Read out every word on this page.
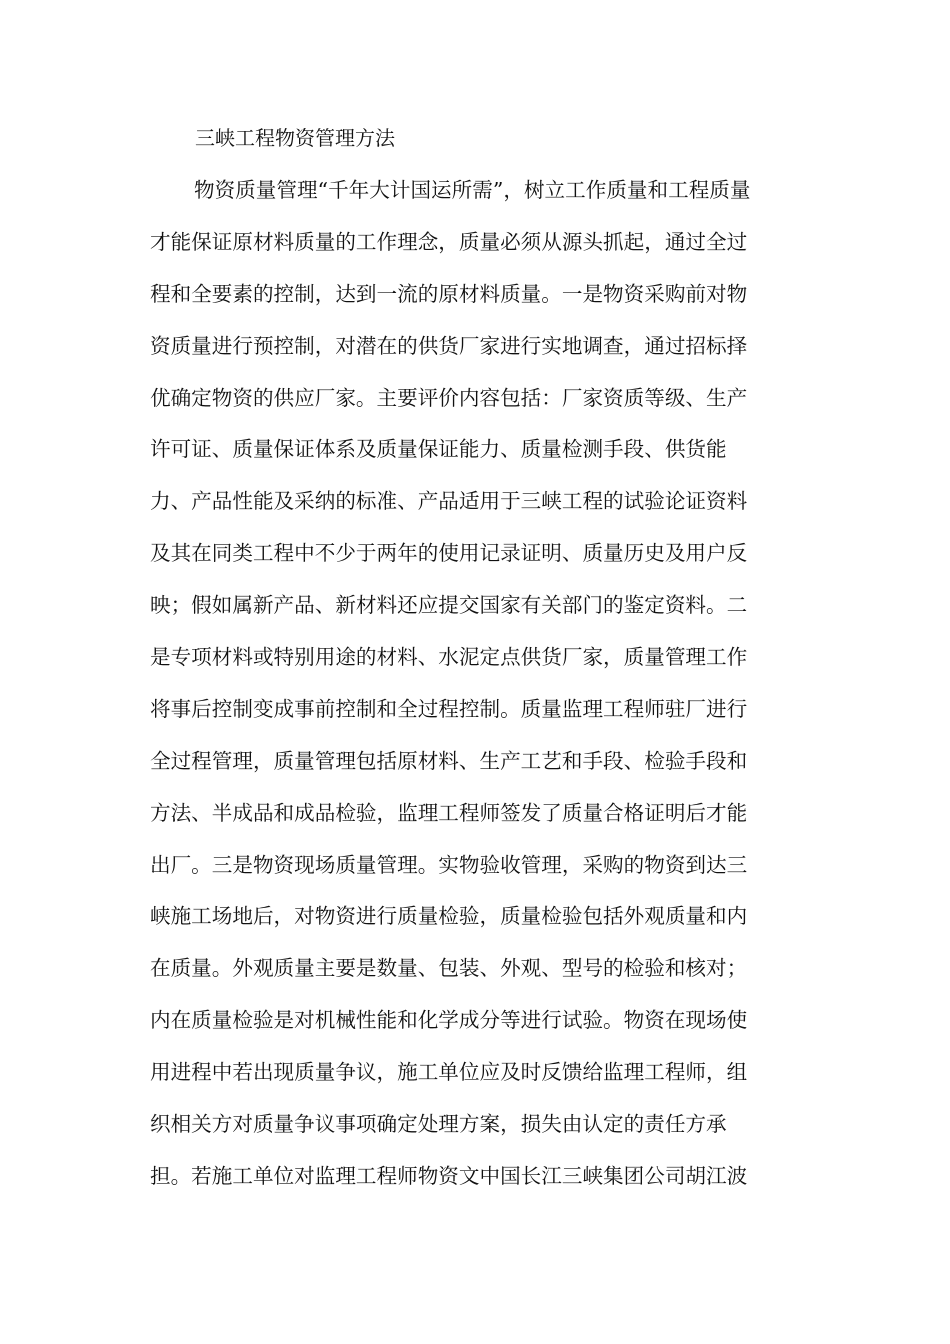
三峡工程物资管理方法
物资质量管理“千年大计国运所需”，树立工作质量和工程质量
才能保证原材料质量的工作理念，质量必须从源头抓起，通过全过
程和全要素的控制，达到一流的原材料质量。一是物资采购前对物
资质量进行预控制，对潜在的供货厂家进行实地调查，通过招标择
优确定物资的供应厂家。主要评价内容包括：厂家资质等级、生产
许可证、质量保证体系及质量保证能力、质量检测手段、供货能
力、产品性能及采纳的标准、产品适用于三峡工程的试验论证资料
及其在同类工程中不少于两年的使用记录证明、质量历史及用户反
映；假如属新产品、新材料还应提交国家有关部门的鉴定资料。二
是专项材料或特别用途的材料、水泥定点供货厂家，质量管理工作
将事后控制变成事前控制和全过程控制。质量监理工程师驻厂进行
全过程管理，质量管理包括原材料、生产工艺和手段、检验手段和
方法、半成品和成品检验，监理工程师签发了质量合格证明后才能
出厂。三是物资现场质量管理。实物验收管理，采购的物资到达三
峡施工场地后，对物资进行质量检验，质量检验包括外观质量和内
在质量。外观质量主要是数量、包装、外观、型号的检验和核对；
内在质量检验是对机械性能和化学成分等进行试验。物资在现场使
用进程中若出现质量争议，施工单位应及时反馈给监理工程师，组
织相关方对质量争议事项确定处理方案，损失由认定的责任方承
担。若施工单位对监理工程师物资文中国长江三峡集团公司胡江波
